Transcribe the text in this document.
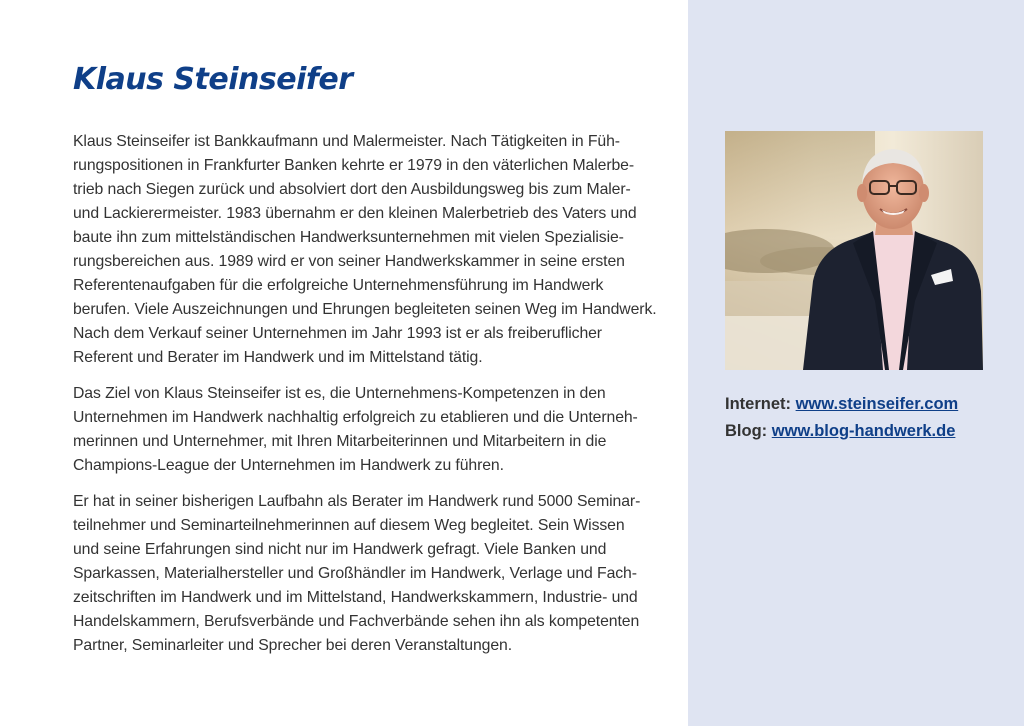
Klaus Steinseifer

Klaus Steinseifer ist Bankkaufmann und Malermeister. Nach Tätigkeiten in Füh-
rungspositionen in Frankfurter Banken kehrte er 1979 in den väterlichen Malerbe-
trieb nach Siegen zurück und absolviert dort den Ausbildungsweg bis zum Maler-
und Lackierermeister. 1983 übernahm er den kleinen Malerbetrieb des Vaters und
baute ihn zum mittelständischen Handwerksunternehmen mit vielen Spezialisie-
rungsbereichen aus. 1989 wird er von seiner Handwerkskammer in seine ersten
Referentenaufgaben für die erfolgreiche Unternehmensführung im Handwerk
berufen. Viele Auszeichnungen und Ehrungen begleiteten seinen Weg im Handwerk.
Nach dem Verkauf seiner Unternehmen im Jahr 1993 ist er als freiberuflicher
Referent und Berater im Handwerk und im Mittelstand tätig.

Das Ziel von Klaus Steinseifer ist es, die Unternehmens-Kompetenzen in den
Unternehmen im Handwerk nachhaltig erfolgreich zu etablieren und die Unterneh-
merinnen und Unternehmer, mit Ihren Mitarbeiterinnen und Mitarbeitern in die
Champions-League der Unternehmen im Handwerk zu führen.

Er hat in seiner bisherigen Laufbahn als Berater im Handwerk rund 5000 Seminar-
teilnehmer und Seminarteilnehmerinnen auf diesem Weg begleitet. Sein Wissen
und seine Erfahrungen sind nicht nur im Handwerk gefragt. Viele Banken und
Sparkassen, Materialhersteller und Großhändler im Handwerk, Verlage und Fach-
zeitschriften im Handwerk und im Mittelstand, Handwerkskammern, Industrie- und
Handelskammern, Berufsverbände und Fachverbände sehen ihn als kompetenten
Partner, Seminarleiter und Sprecher bei deren Veranstaltungen.

Internet: www.steinseifer.com
Blog: www.blog-handwerk.de
